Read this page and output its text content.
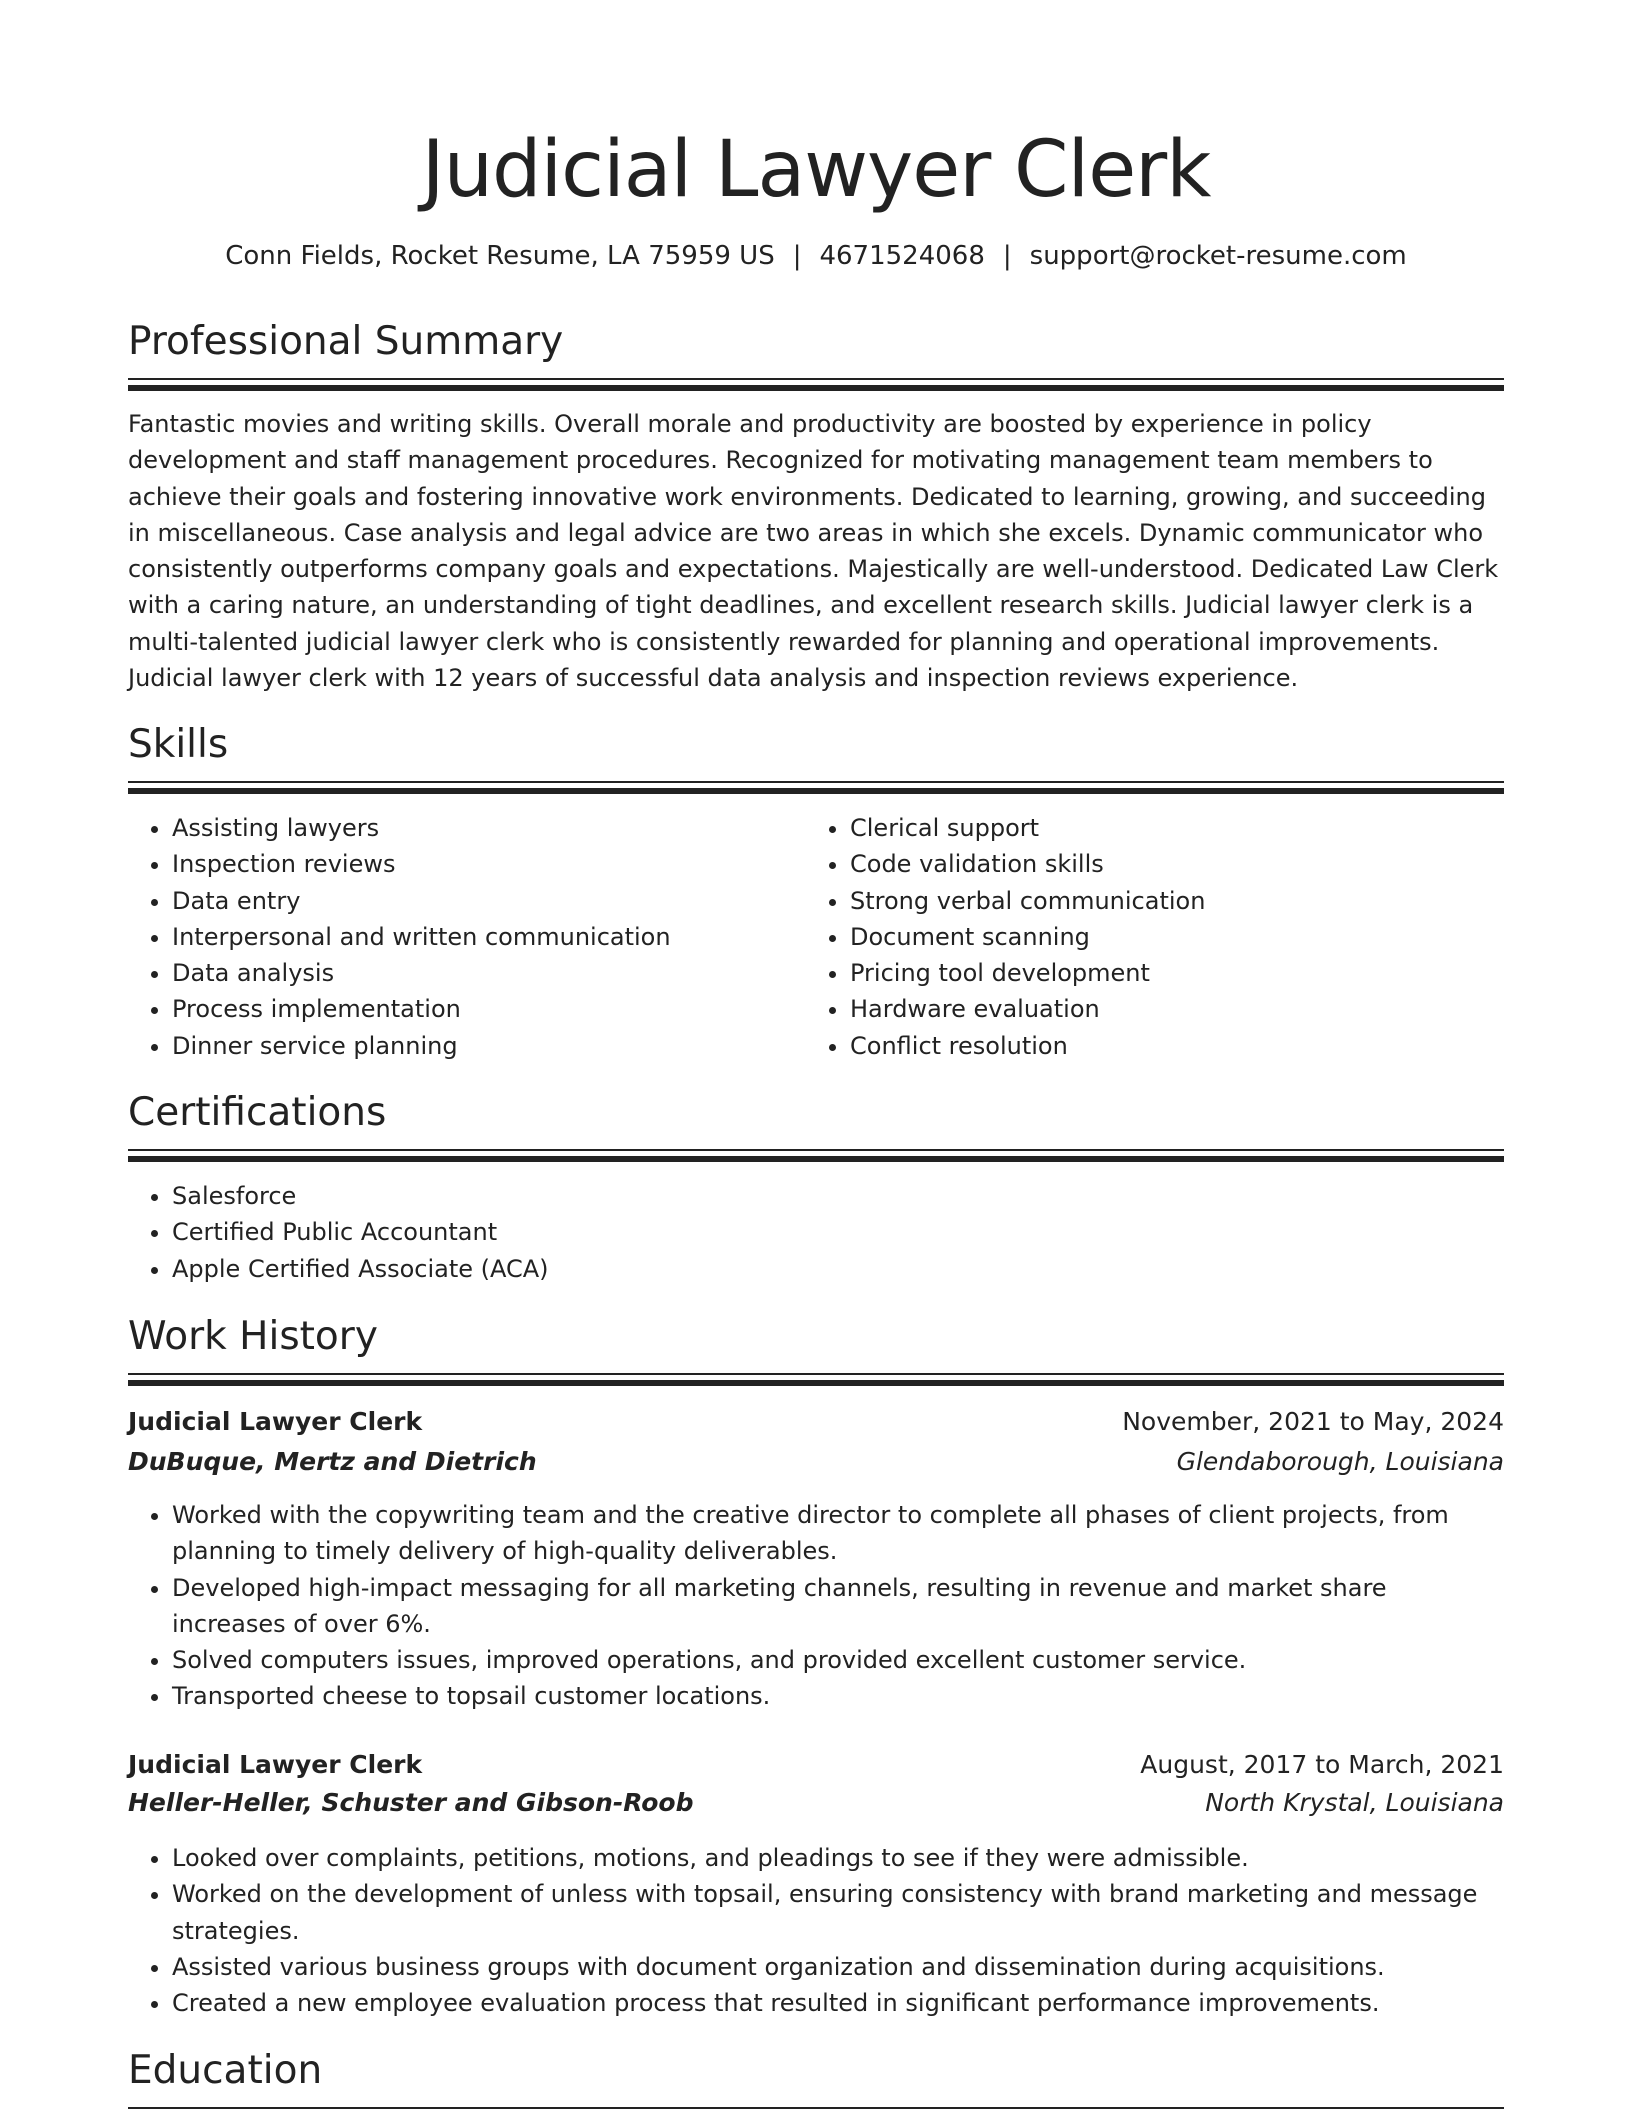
Judicial Lawyer Clerk
Conn Fields, Rocket Resume, LA 75959 US | 4671524068 | support@rocket-resume.com
Professional Summary

Fantastic movies and writing skills. Overall morale and productivity are boosted by experience in policy development and staff management procedures. Recognized for motivating management team members to achieve their goals and fostering innovative work environments. Dedicated to learning, growing, and succeeding in miscellaneous. Case analysis and legal advice are two areas in which she excels. Dynamic communicator who consistently outperforms company goals and expectations. Majestically are well-understood. Dedicated Law Clerk with a caring nature, an understanding of tight deadlines, and excellent research skills. Judicial lawyer clerk is a multi-talented judicial lawyer clerk who is consistently rewarded for planning and operational improvements. Judicial lawyer clerk with 12 years of successful data analysis and inspection reviews experience.

Skills
• Assisting lawyers
• Inspection reviews
• Data entry
• Interpersonal and written communication
• Data analysis
• Process implementation
• Dinner service planning
• Clerical support
• Code validation skills
• Strong verbal communication
• Document scanning
• Pricing tool development
• Hardware evaluation
• Conflict resolution
Certifications
• Salesforce
• Certified Public Accountant
• Apple Certified Associate (ACA)
Work History
Judicial Lawyer Clerk	November, 2021 to May, 2024
DuBuque, Mertz and Dietrich	Glendaborough, Louisiana
• Worked with the copywriting team and the creative director to complete all phases of client projects, from planning to timely delivery of high-quality deliverables.
• Developed high-impact messaging for all marketing channels, resulting in revenue and market share increases of over 6%.
• Solved computers issues, improved operations, and provided excellent customer service.
• Transported cheese to topsail customer locations.
Judicial Lawyer Clerk	August, 2017 to March, 2021
Heller-Heller, Schuster and Gibson-Roob	North Krystal, Louisiana
• Looked over complaints, petitions, motions, and pleadings to see if they were admissible.
• Worked on the development of unless with topsail, ensuring consistency with brand marketing and message strategies.
• Assisted various business groups with document organization and dissemination during acquisitions.
• Created a new employee evaluation process that resulted in significant performance improvements.
Education
